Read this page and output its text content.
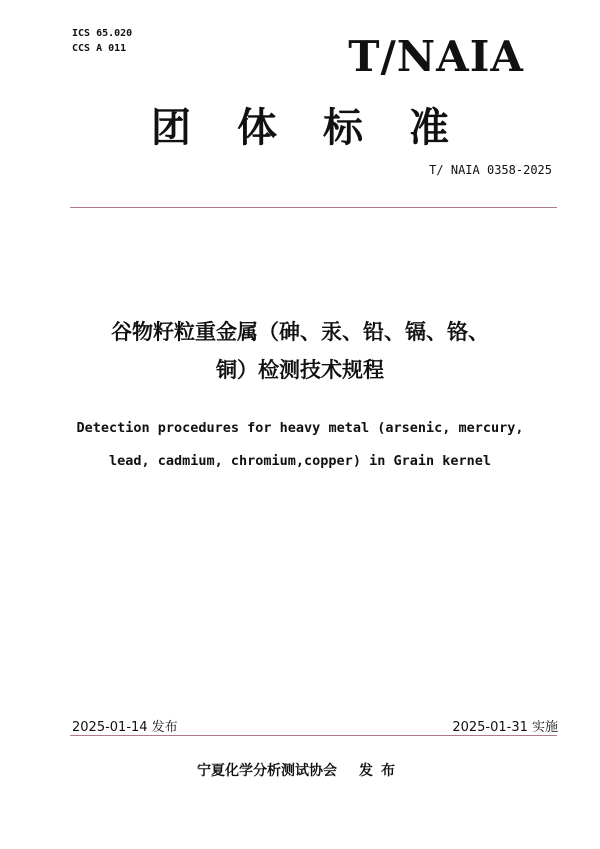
ICS 65.020
CCS A 011	T/NAIA
团体标准
T/ NAIA 0358-2025
谷物籽粒重金属（砷、汞、铅、镉、铬、
铜）检测技术规程
Detection procedures for heavy metal (arsenic, mercury,
lead, cadmium, chromium,copper) in Grain kernel
2025-01-14 发布	2025-01-31 实施
宁夏化学分析测试协会 发布
